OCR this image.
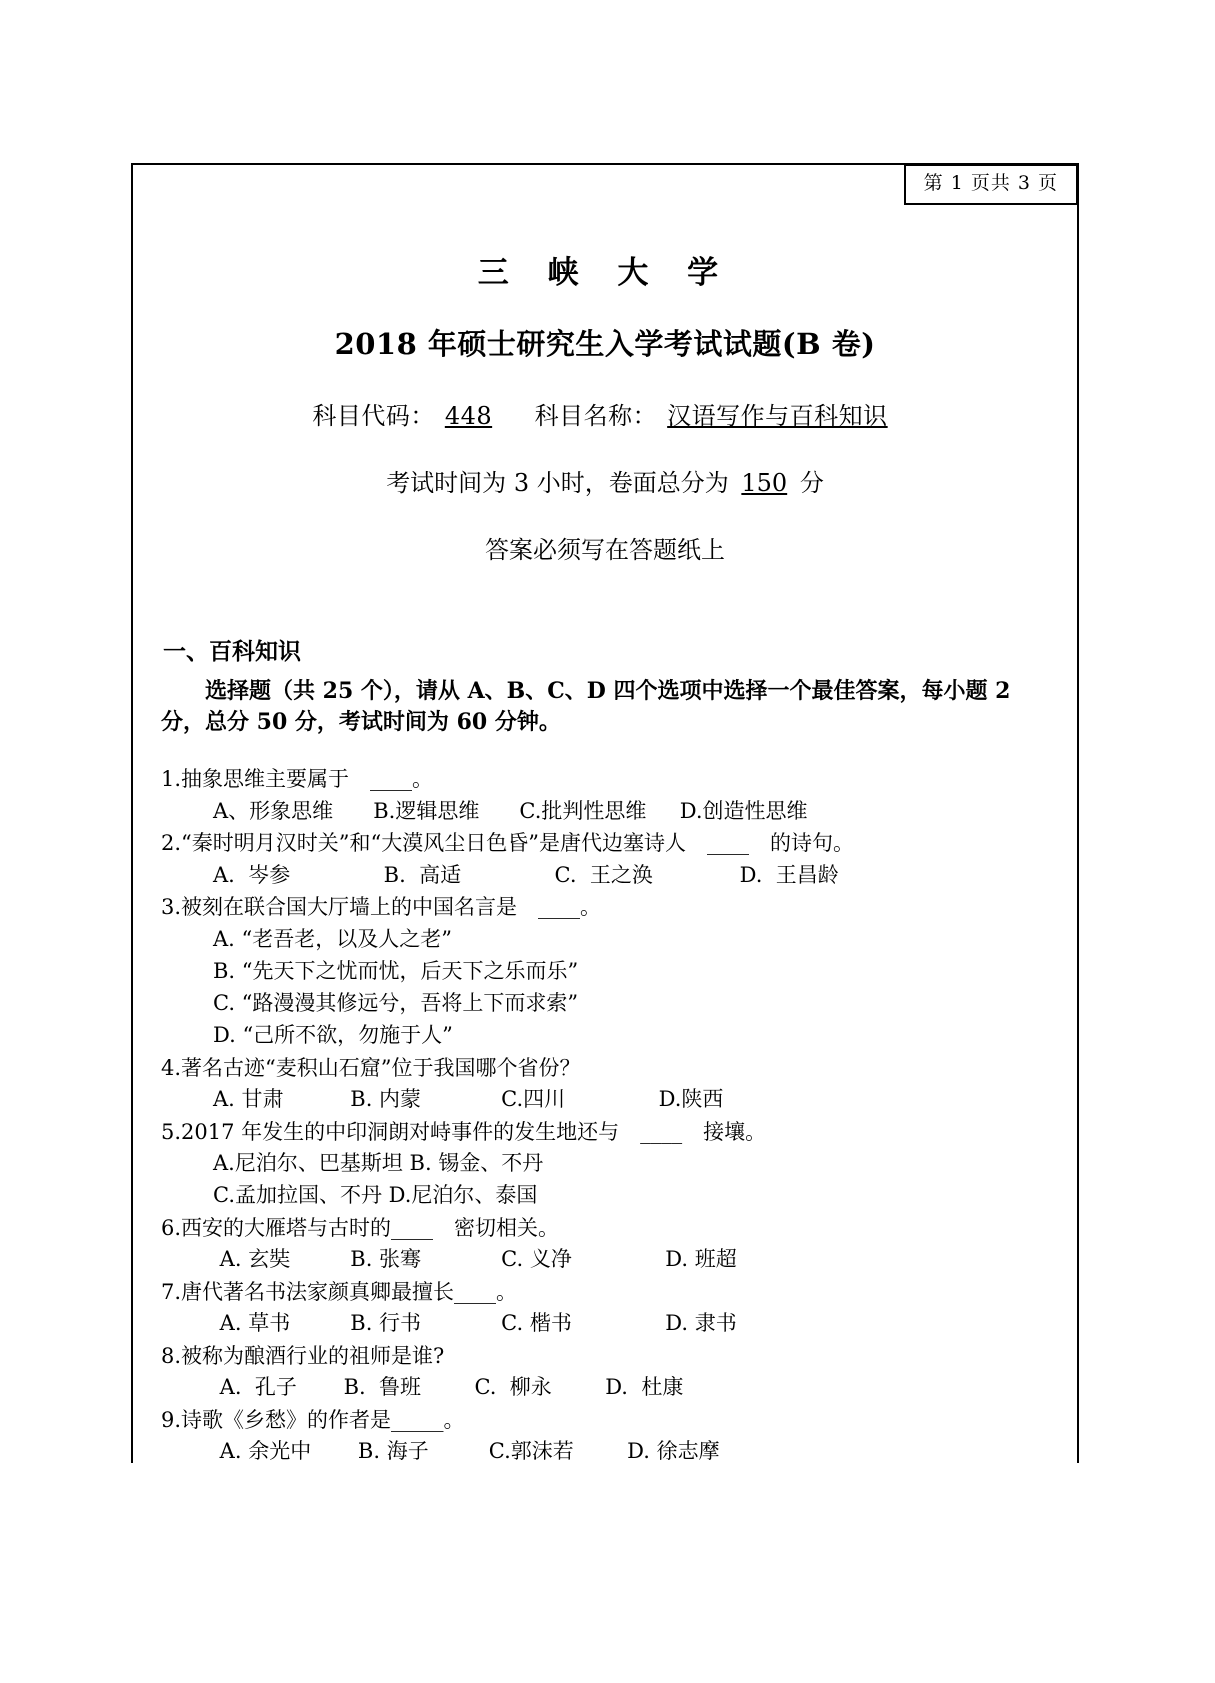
第 1 页共 3 页
三 峡 大 学
2018 年硕士研究生入学考试试题(B 卷)
科目代码： 448 科目名称： 汉语写作与百科知识
考试时间为 3 小时，卷面总分为 150 分
答案必须写在答题纸上
一、百科知识
选择题（共 25 个），请从 A、B、C、D 四个选项中选择一个最佳答案，每小题 2 分，总分 50 分，考试时间为 60 分钟。
1.抽象思维主要属于　____。
A、形象思维      B.逻辑思维      C.批判性思维     D.创造性思维
2.“秦时明月汉时关”和“大漠风尘日色昏”是唐代边塞诗人　____　的诗句。
A.  岑参              B.  高适              C.  王之涣             D.  王昌龄
3.被刻在联合国大厅墙上的中国名言是　____。
A. “老吾老，以及人之老”
B. “先天下之忧而忧，后天下之乐而乐”
C. “路漫漫其修远兮，吾将上下而求索”
D. “己所不欲，勿施于人”
4.著名古迹“麦积山石窟”位于我国哪个省份？
A. 甘肃          B. 内蒙            C.四川              D.陕西
5.2017 年发生的中印洞朗对峙事件的发生地还与　____　接壤。
A.尼泊尔、巴基斯坦 B. 锡金、不丹
C.孟加拉国、不丹 D.尼泊尔、泰国
6.西安的大雁塔与古时的____　密切相关。
A. 玄奘         B. 张骞            C. 义净              D. 班超
7.唐代著名书法家颜真卿最擅长____。
A. 草书         B. 行书            C. 楷书              D. 隶书
8.被称为酿酒行业的祖师是谁?
A.  孔子       B.  鲁班        C.  柳永        D.  杜康
9.诗歌《乡愁》的作者是_____。
A. 余光中       B. 海子         C.郭沫若        D. 徐志摩
